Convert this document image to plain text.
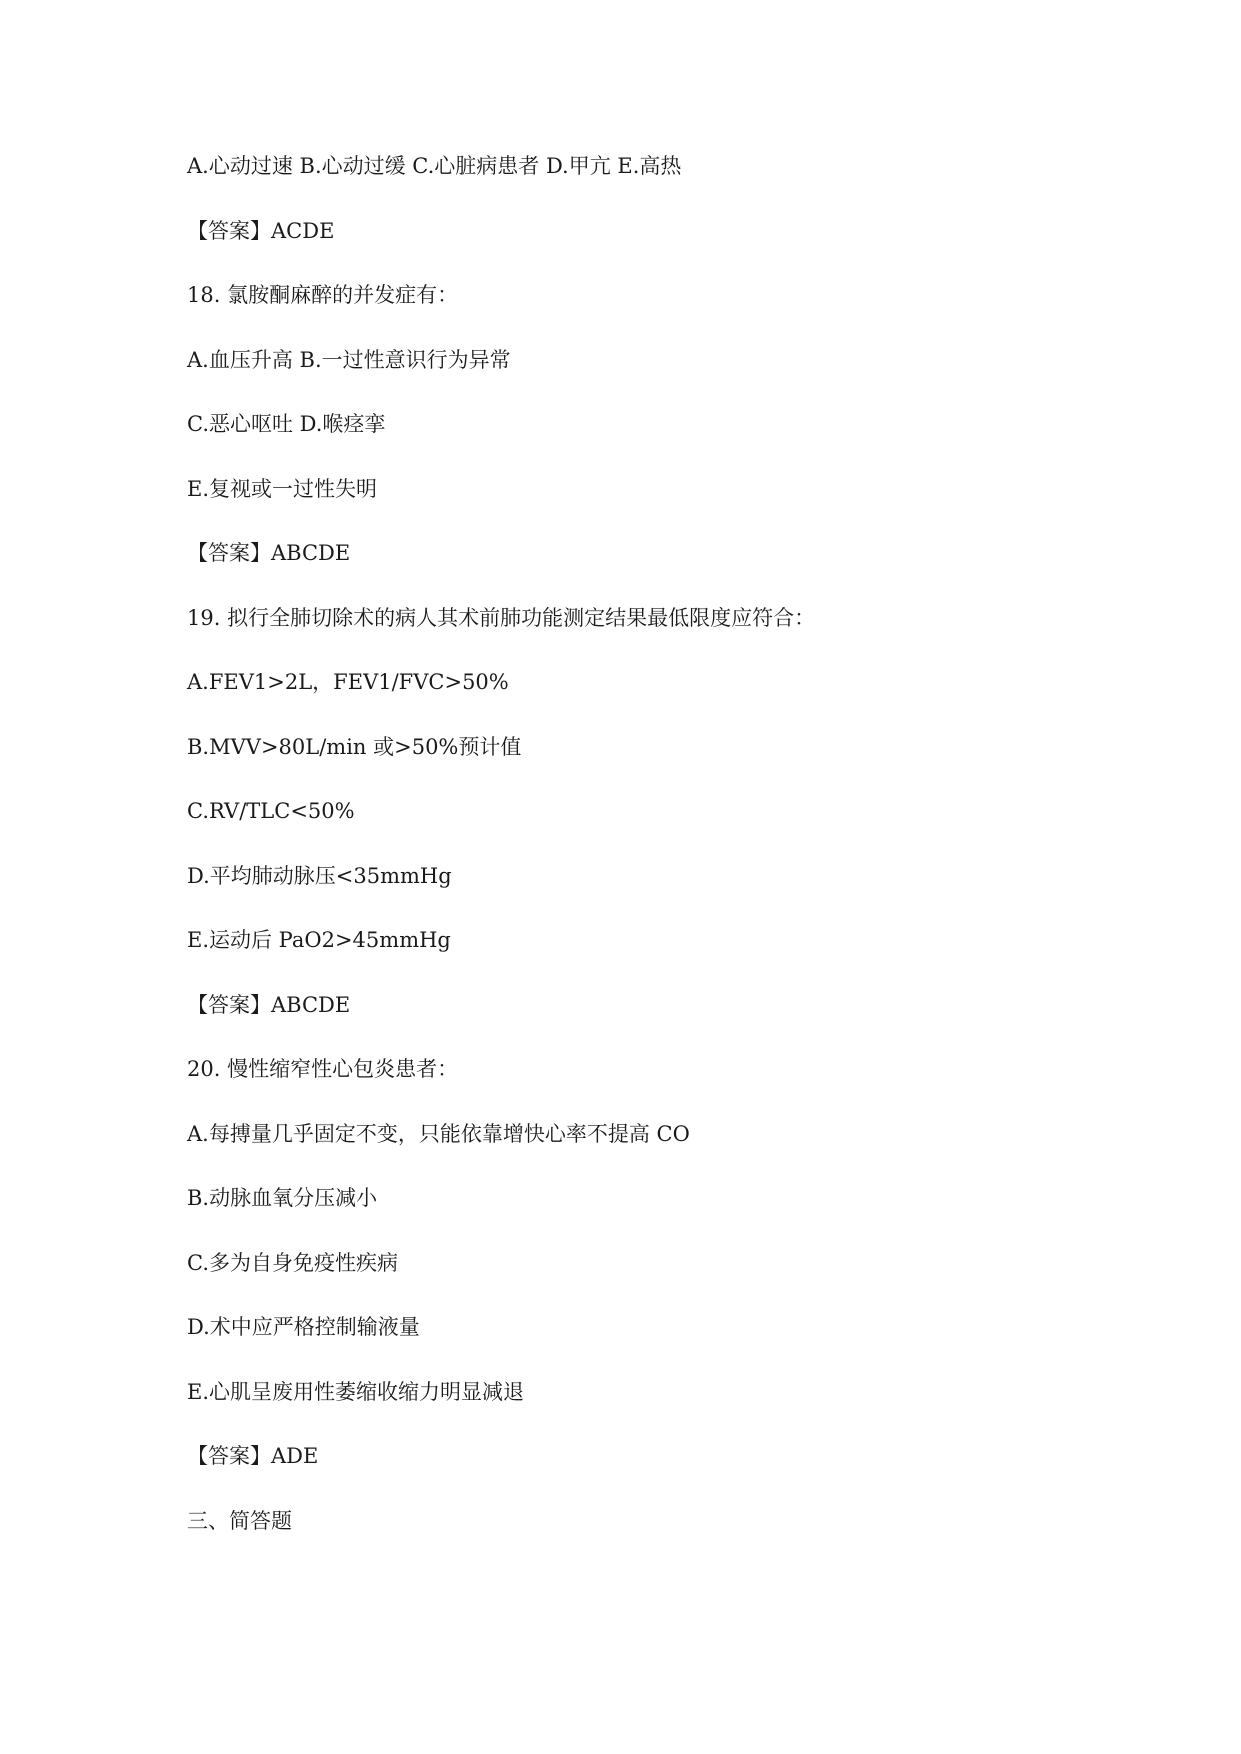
A.心动过速 B.心动过缓 C.心脏病患者 D.甲亢 E.高热

【答案】ACDE

18. 氯胺酮麻醉的并发症有：

A.血压升高 B.一过性意识行为异常

C.恶心呕吐 D.喉痉挛

E.复视或一过性失明

【答案】ABCDE

19. 拟行全肺切除术的病人其术前肺功能测定结果最低限度应符合：

A.FEV1>2L，FEV1/FVC>50%

B.MVV>80L/min 或>50%预计值

C.RV/TLC<50%

D.平均肺动脉压<35mmHg

E.运动后 PaO2>45mmHg

【答案】ABCDE

20. 慢性缩窄性心包炎患者：

A.每搏量几乎固定不变，只能依靠增快心率不提高 CO

B.动脉血氧分压减小

C.多为自身免疫性疾病

D.术中应严格控制输液量

E.心肌呈废用性萎缩收缩力明显减退

【答案】ADE

三、简答题
